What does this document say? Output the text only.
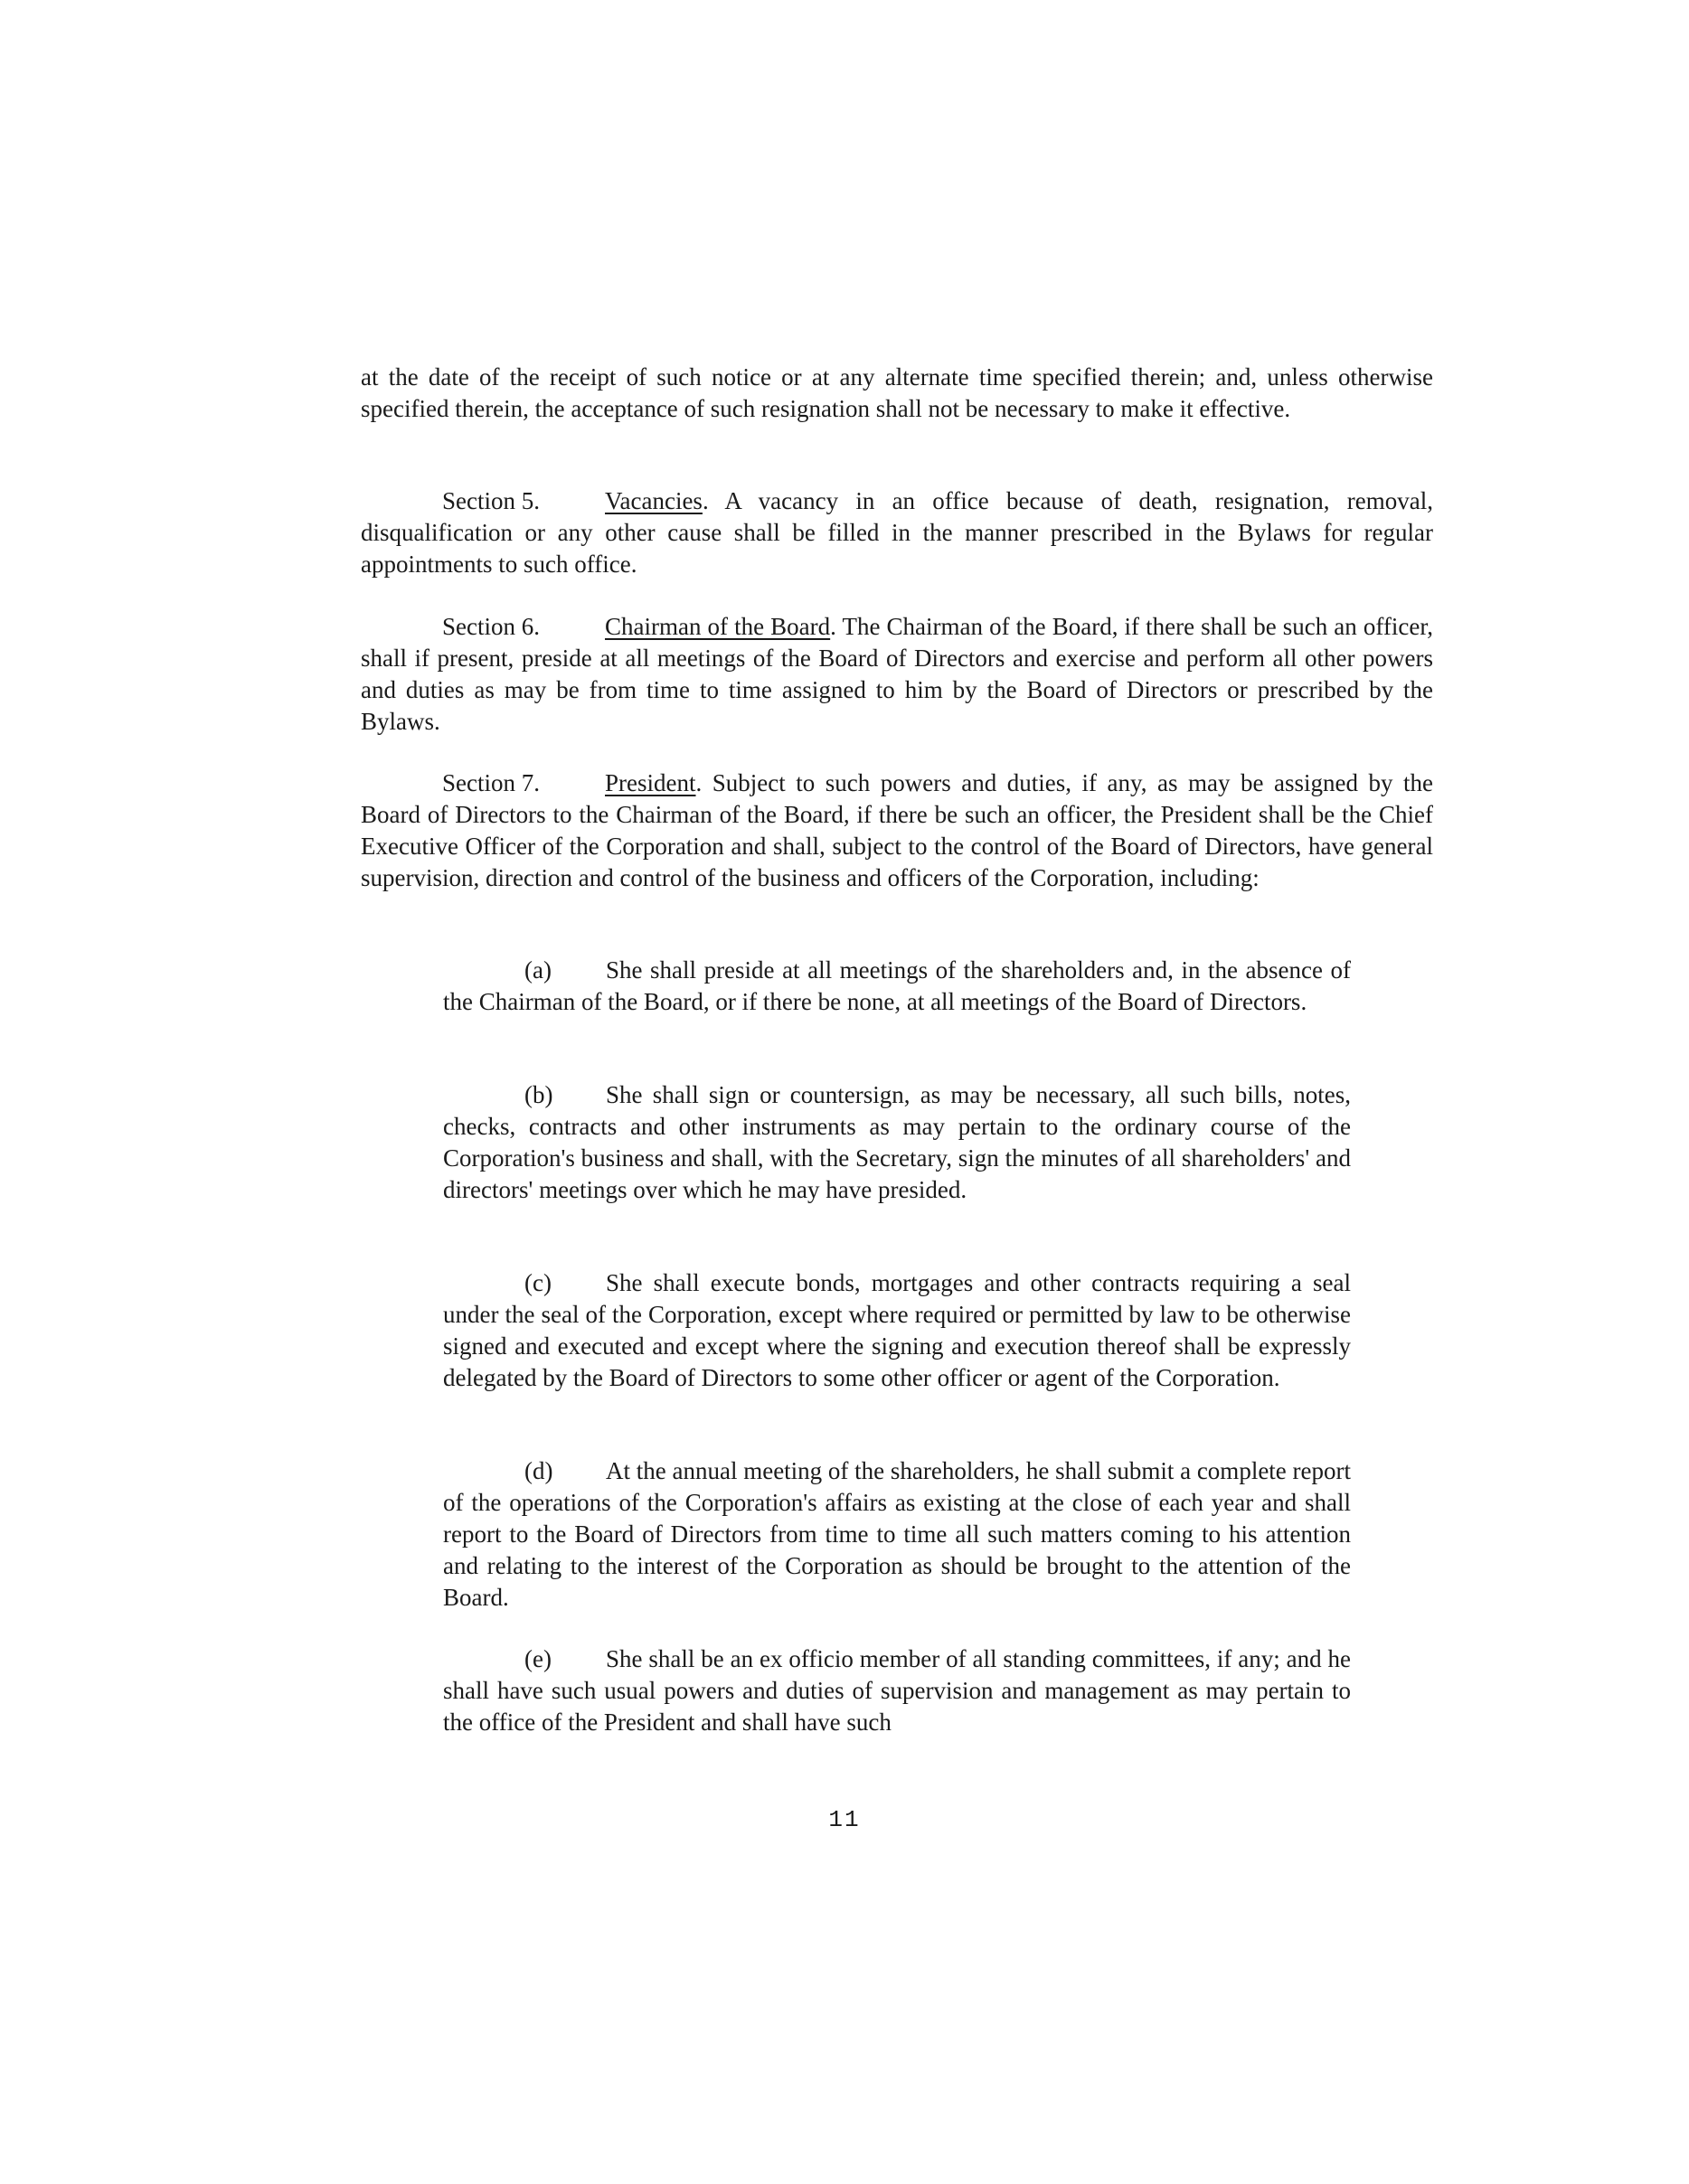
at the date of the receipt of such notice or at any alternate time specified therein; and, unless otherwise specified therein, the acceptance of such resignation shall not be necessary to make it effective.

Section 5.	Vacancies. A vacancy in an office because of death, resignation, removal, disqualification or any other cause shall be filled in the manner prescribed in the Bylaws for regular appointments to such office.

Section 6.	Chairman of the Board. The Chairman of the Board, if there shall be such an officer, shall if present, preside at all meetings of the Board of Directors and exercise and perform all other powers and duties as may be from time to time assigned to him by the Board of Directors or prescribed by the Bylaws.

Section 7.	President. Subject to such powers and duties, if any, as may be assigned by the Board of Directors to the Chairman of the Board, if there be such an officer, the President shall be the Chief Executive Officer of the Corporation and shall, subject to the control of the Board of Directors, have general supervision, direction and control of the business and officers of the Corporation, including:

(a) She shall preside at all meetings of the shareholders and, in the absence of the Chairman of the Board, or if there be none, at all meetings of the Board of Directors.

(b) She shall sign or countersign, as may be necessary, all such bills, notes, checks, contracts and other instruments as may pertain to the ordinary course of the Corporation's business and shall, with the Secretary, sign the minutes of all shareholders' and directors' meetings over which he may have presided.

(c) She shall execute bonds, mortgages and other contracts requiring a seal under the seal of the Corporation, except where required or permitted by law to be otherwise signed and executed and except where the signing and execution thereof shall be expressly delegated by the Board of Directors to some other officer or agent of the Corporation.

(d) At the annual meeting of the shareholders, he shall submit a complete report of the operations of the Corporation's affairs as existing at the close of each year and shall report to the Board of Directors from time to time all such matters coming to his attention and relating to the interest of the Corporation as should be brought to the attention of the Board.

(e) She shall be an ex officio member of all standing committees, if any; and he shall have such usual powers and duties of supervision and management as may pertain to the office of the President and shall have such

11
